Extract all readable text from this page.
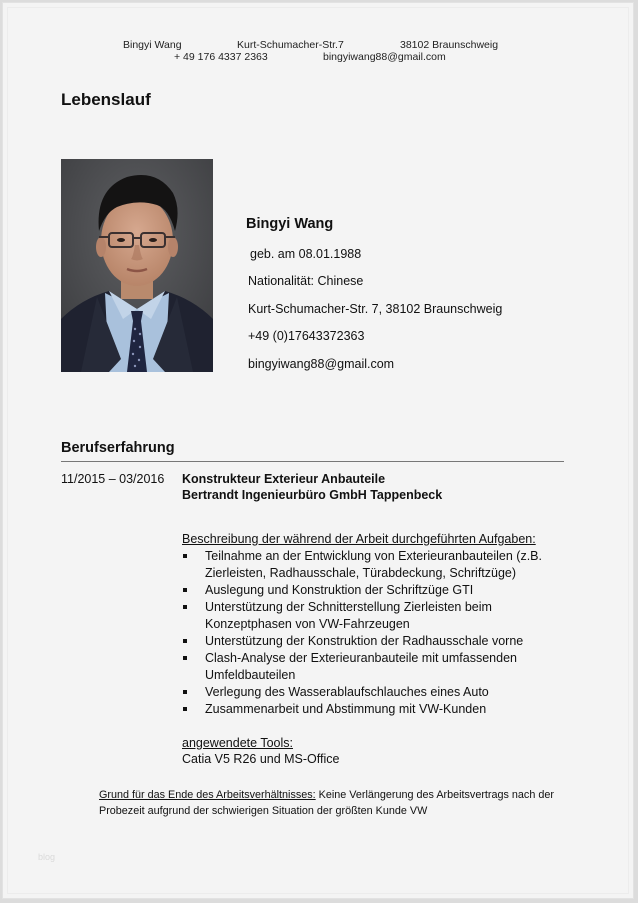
Bingyi Wang	Kurt-Schumacher-Str.7	38102 Braunschweig
+ 49 176 4337 2363	bingyiwang88@gmail.com
Lebenslauf
Bingyi Wang
geb. am 08.01.1988
Nationalität: Chinese
Kurt-Schumacher-Str. 7, 38102 Braunschweig
+49 (0)17643372363
bingyiwang88@gmail.com
Berufserfahrung
11/2015 – 03/2016 Konstrukteur Exterieur Anbauteile
Bertrandt Ingenieurbüro GmbH Tappenbeck
Beschreibung der während der Arbeit durchgeführten Aufgaben:
Teilnahme an der Entwicklung von Exterieuranbauteilen (z.B. Zierleisten, Radhausschale, Türabdeckung, Schriftzüge)
Auslegung und Konstruktion der Schriftzüge GTI
Unterstützung der Schnitterstellung Zierleisten beim Konzeptphasen von VW-Fahrzeugen
Unterstützung der Konstruktion der Radhausschale vorne
Clash-Analyse der Exterieuranbauteile mit umfassenden Umfeldbauteilen
Verlegung des Wasserablaufschlauches eines Auto
Zusammenarbeit und Abstimmung mit VW-Kunden
angewendete Tools:
Catia V5 R26 und MS-Office
Grund für das Ende des Arbeitsverhältnisses: Keine Verlängerung des Arbeitsvertrags nach der Probezeit aufgrund der schwierigen Situation der größten Kunde VW
blog
